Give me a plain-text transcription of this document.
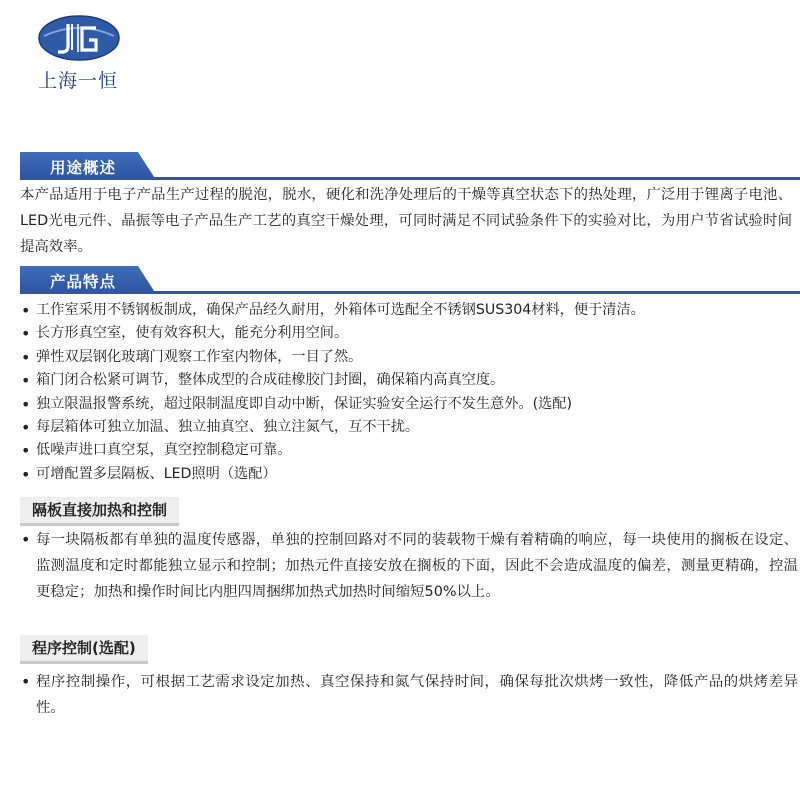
上海一恒
用途概述
本产品适用于电子产品生产过程的脱泡，脱水，硬化和洗净处理后的干燥等真空状态下的热处理，广泛用于锂离子电池、LED光电元件、晶振等电子产品生产工艺的真空干燥处理，可同时满足不同试验条件下的实验对比，为用户节省试验时间提高效率。
产品特点
• 工作室采用不锈钢板制成，确保产品经久耐用，外箱体可选配全不锈钢SUS304材料，便于清洁。
• 长方形真空室，使有效容积大，能充分利用空间。
• 弹性双层钢化玻璃门观察工作室内物体，一目了然。
• 箱门闭合松紧可调节，整体成型的合成硅橡胶门封圈，确保箱内高真空度。
• 独立限温报警系统，超过限制温度即自动中断，保证实验安全运行不发生意外。(选配)
• 每层箱体可独立加温、独立抽真空、独立注氮气，互不干扰。
• 低噪声进口真空泵，真空控制稳定可靠。
• 可增配置多层隔板、LED照明（选配）
隔板直接加热和控制
• 每一块隔板都有单独的温度传感器，单独的控制回路对不同的装载物干燥有着精确的响应，每一块使用的搁板在设定、监测温度和定时都能独立显示和控制；加热元件直接安放在搁板的下面，因此不会造成温度的偏差，测量更精确，控温更稳定；加热和操作时间比内胆四周捆绑加热式加热时间缩短50%以上。
程序控制(选配)
• 程序控制操作，可根据工艺需求设定加热、真空保持和氮气保持时间，确保每批次烘烤一致性，降低产品的烘烤差异性。
